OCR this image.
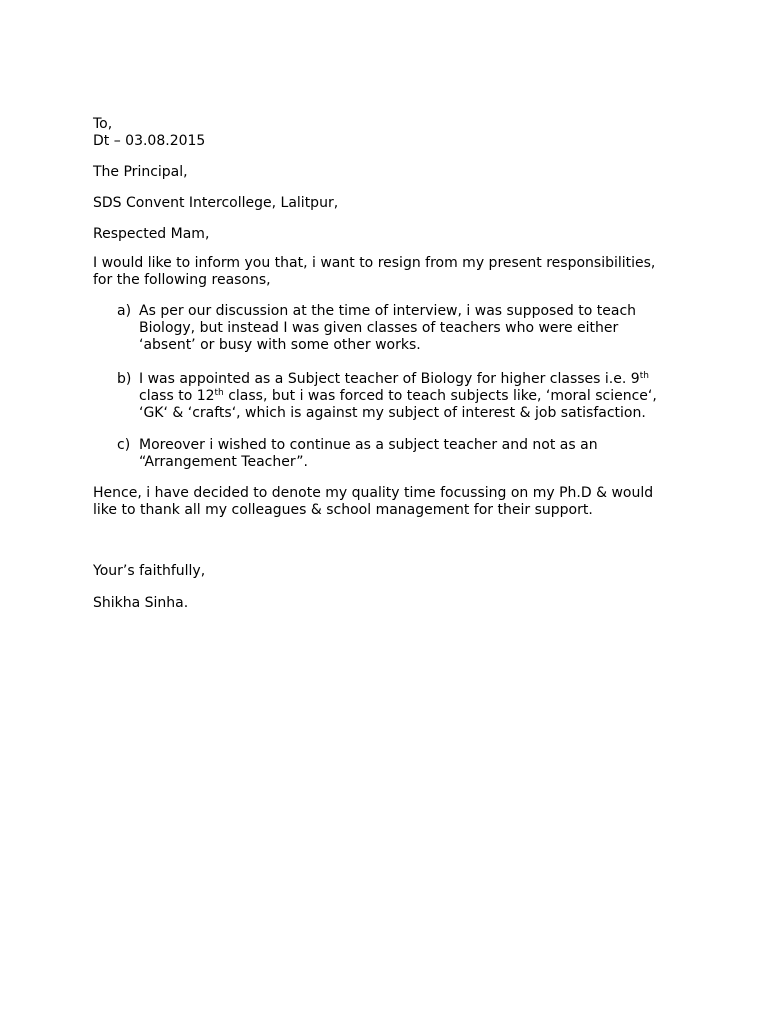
To,
Dt – 03.08.2015

The Principal,

SDS Convent Intercollege, Lalitpur,

Respected Mam,

I would like to inform you that, i want to resign from my present responsibilities,
for the following reasons,

a) As per our discussion at the time of interview, i was supposed to teach
Biology, but instead I was given classes of teachers who were either
‘absent’ or busy with some other works.
b) I was appointed as a Subject teacher of Biology for higher classes i.e. 9th
class to 12th class, but i was forced to teach subjects like, ‘moral science‘,
‘GK‘ & ‘crafts‘, which is against my subject of interest & job satisfaction.
c) Moreover i wished to continue as a subject teacher and not as an
“Arrangement Teacher”.

Hence, i have decided to denote my quality time focussing on my Ph.D & would
like to thank all my colleagues & school management for their support.

Your’s faithfully,

Shikha Sinha.
